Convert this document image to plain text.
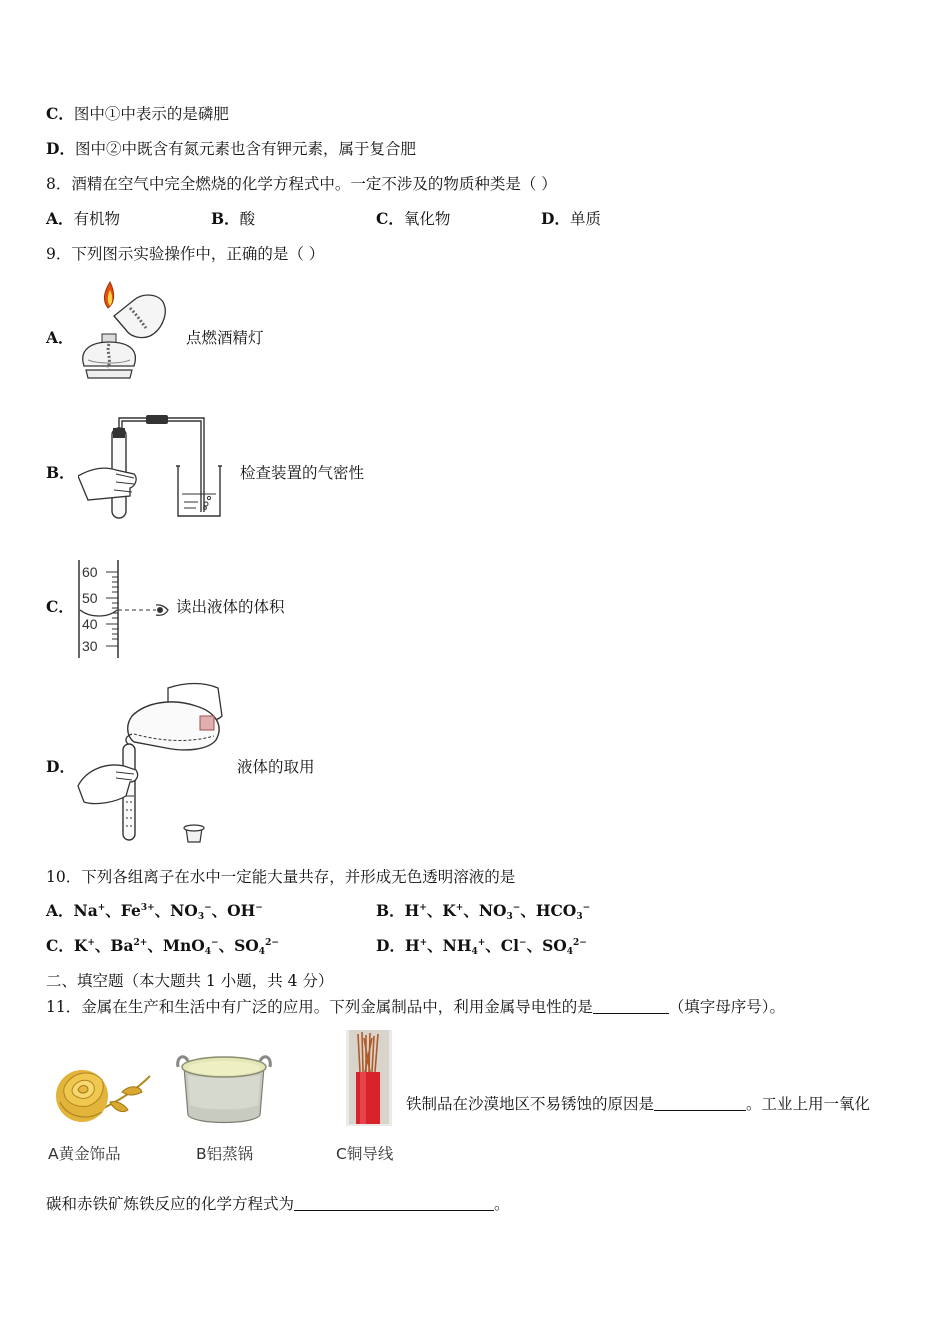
C．图中①中表示的是磷肥
D．图中②中既含有氮元素也含有钾元素，属于复合肥
8．酒精在空气中完全燃烧的化学方程式中。一定不涉及的物质种类是（ ）
A．有机物	B．酸	C．氧化物	D．单质
9．下列图示实验操作中，正确的是（ ）
A．	点燃酒精灯
B．	检查装置的气密性
C．
60
50
40
30
读出液体的体积
D．	液体的取用
10．下列各组离子在水中一定能大量共存，并形成无色透明溶液的是
A．Na+、$Fe^{3+}$、$NO_3^-$、OH−	B．H+、K+、$NO_3^-$、$HCO_3^-$
C．K+、$Ba^{2+}$、MnO$_4$−、$SO_4^{2-}$	D．H+、$NH_4^+$、Cl−、$SO_4^{2-}$
二、填空题（本大题共 1 小题，共 4 分）
11．金属在生产和生活中有广泛的应用。下列金属制品中，利用金属导电性的是	（填字母序号）。
A黄金饰品	B铝蒸锅	C铜导线
铁制品在沙漠地区不易锈蚀的原因是	。工业上用一氧化
碳和赤铁矿炼铁反应的化学方程式为	。
